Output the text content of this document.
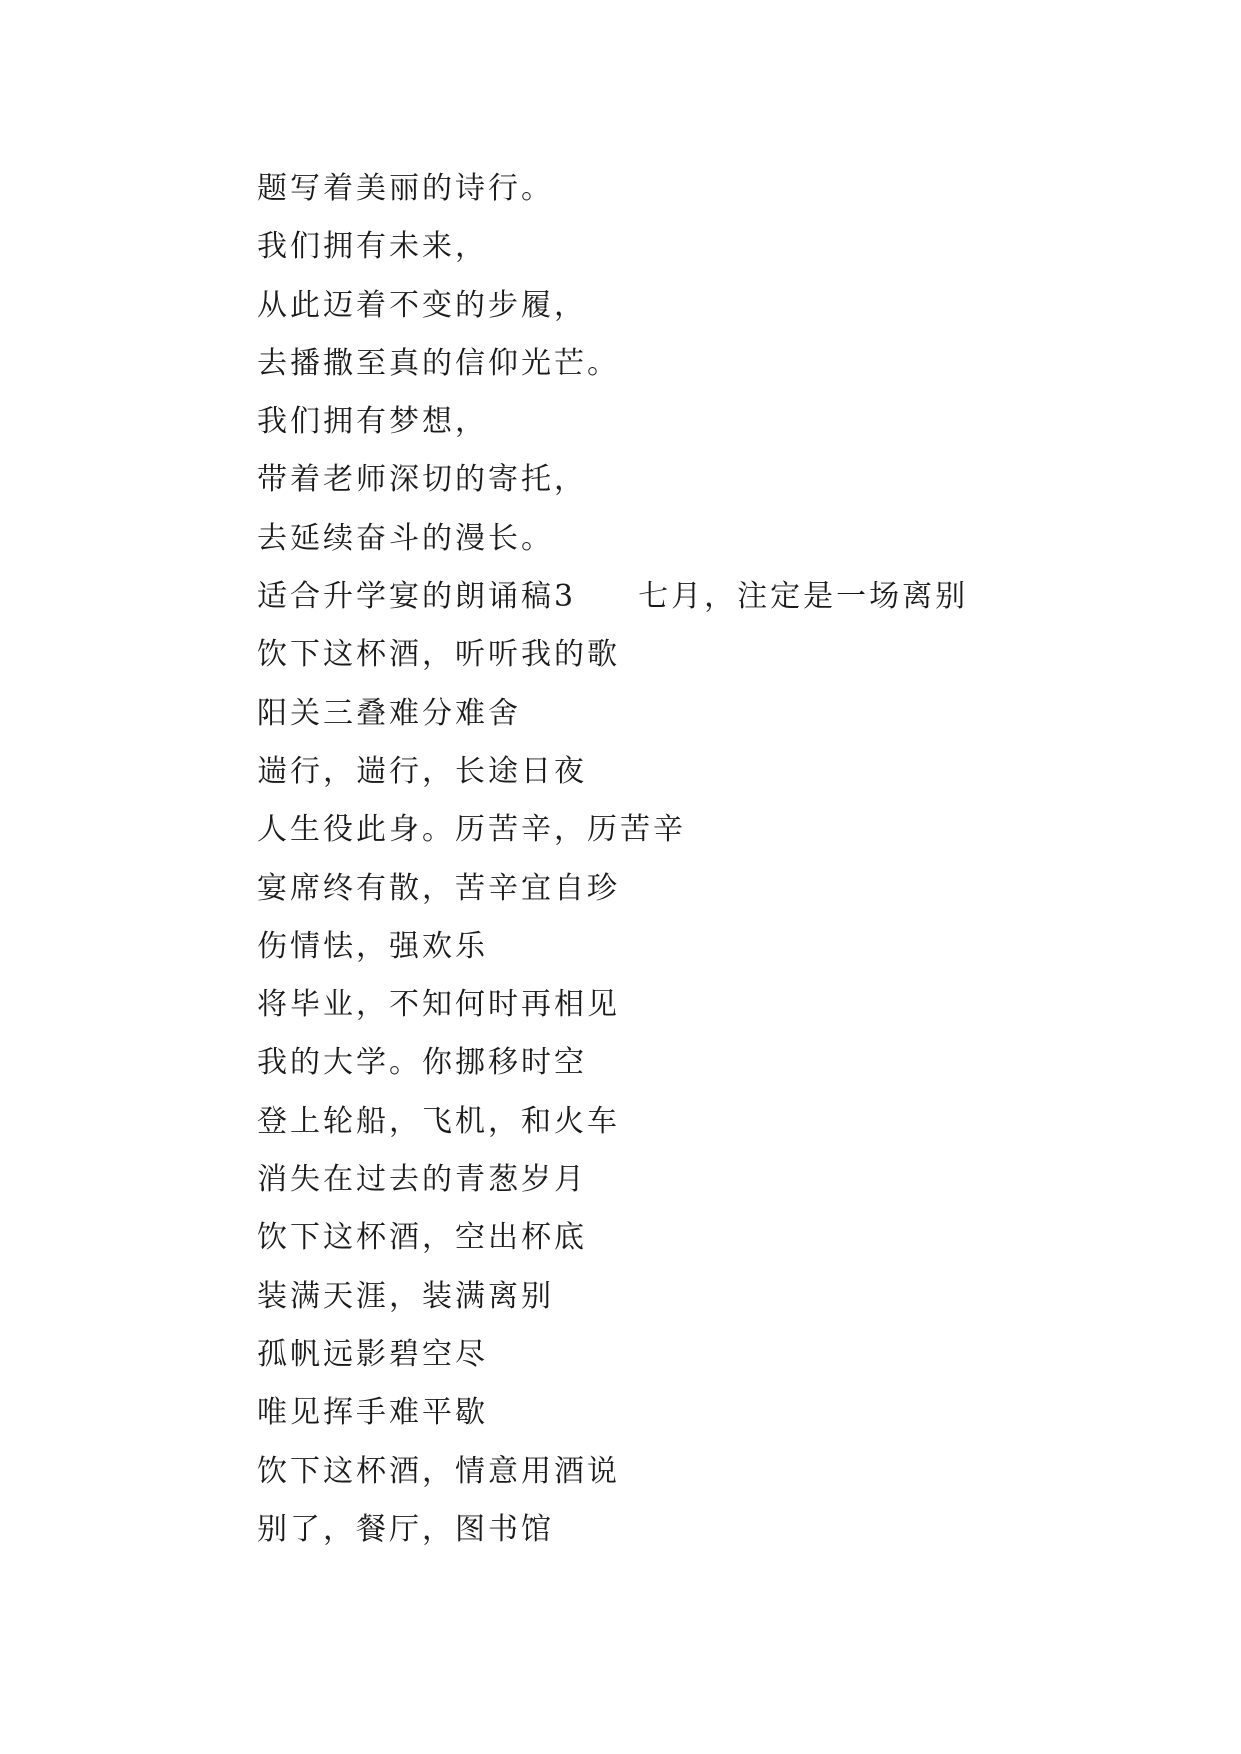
题写着美丽的诗行。
我们拥有未来，
从此迈着不变的步履，
去播撒至真的信仰光芒。
我们拥有梦想，
带着老师深切的寄托，
去延续奋斗的漫长。
适合升学宴的朗诵稿3 七月，注定是一场离别
饮下这杯酒，听听我的歌
阳关三叠难分难舍
遄行，遄行，长途日夜
人生役此身。历苦辛，历苦辛
宴席终有散，苦辛宜自珍
伤情怯，强欢乐
将毕业，不知何时再相见
我的大学。你挪移时空
登上轮船，飞机，和火车
消失在过去的青葱岁月
饮下这杯酒，空出杯底
装满天涯，装满离别
孤帆远影碧空尽
唯见挥手难平歇
饮下这杯酒，情意用酒说
别了，餐厅，图书馆
